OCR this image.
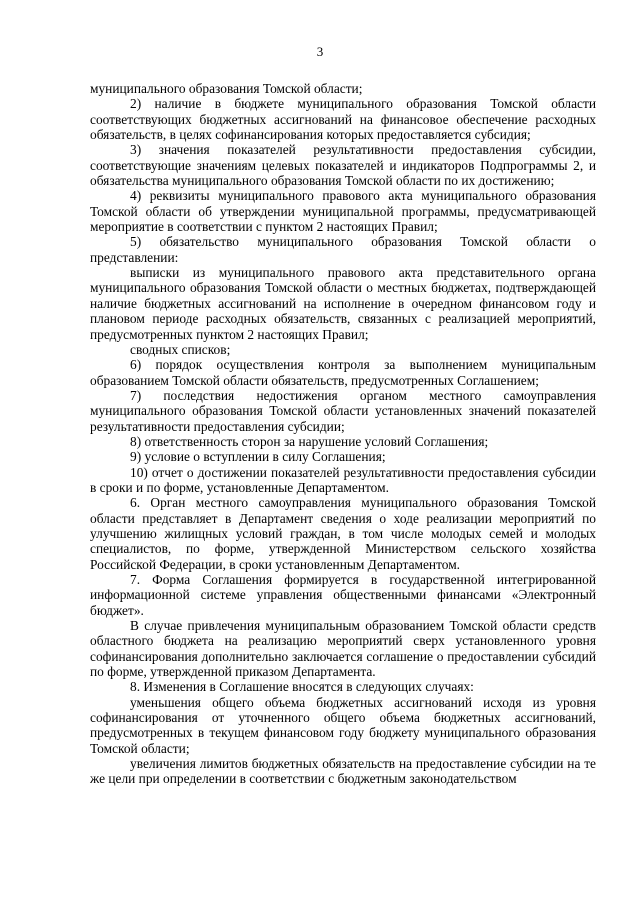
3

муниципального образования Томской области;

2) наличие в бюджете муниципального образования Томской области соответствующих бюджетных ассигнований на финансовое обеспечение расходных обязательств, в целях софинансирования которых предоставляется субсидия;

3) значения показателей результативности предоставления субсидии, соответствующие значениям целевых показателей и индикаторов Подпрограммы 2, и обязательства муниципального образования Томской области по их достижению;

4) реквизиты муниципального правового акта муниципального образования Томской области об утверждении муниципальной программы, предусматривающей мероприятие в соответствии с пунктом 2 настоящих Правил;

5) обязательство муниципального образования Томской области о представлении:

выписки из муниципального правового акта представительного органа муниципального образования Томской области о местных бюджетах, подтверждающей наличие бюджетных ассигнований на исполнение в очередном финансовом году и плановом периоде расходных обязательств, связанных с реализацией мероприятий, предусмотренных пунктом 2 настоящих Правил;

сводных списков;

6) порядок осуществления контроля за выполнением муниципальным образованием Томской области обязательств, предусмотренных Соглашением;

7) последствия недостижения органом местного самоуправления муниципального образования Томской области установленных значений показателей результативности предоставления субсидии;

8) ответственность сторон за нарушение условий Соглашения;

9) условие о вступлении в силу Соглашения;

10) отчет о достижении показателей результативности предоставления субсидии в сроки и по форме, установленные Департаментом.

6. Орган местного самоуправления муниципального образования Томской области представляет в Департамент сведения о ходе реализации мероприятий по улучшению жилищных условий граждан, в том числе молодых семей и молодых специалистов, по форме, утвержденной Министерством сельского хозяйства Российской Федерации, в сроки установленным Департаментом.

7. Форма Соглашения формируется в государственной интегрированной информационной системе управления общественными финансами «Электронный бюджет».

В случае привлечения муниципальным образованием Томской области средств областного бюджета на реализацию мероприятий сверх установленного уровня софинансирования дополнительно заключается соглашение о предоставлении субсидий по форме, утвержденной приказом Департамента.

8. Изменения в Соглашение вносятся в следующих случаях:

уменьшения общего объема бюджетных ассигнований исходя из уровня софинансирования от уточненного общего объема бюджетных ассигнований, предусмотренных в текущем финансовом году бюджету муниципального образования Томской области;

увеличения лимитов бюджетных обязательств на предоставление субсидии на те же цели при определении в соответствии с бюджетным законодательством
